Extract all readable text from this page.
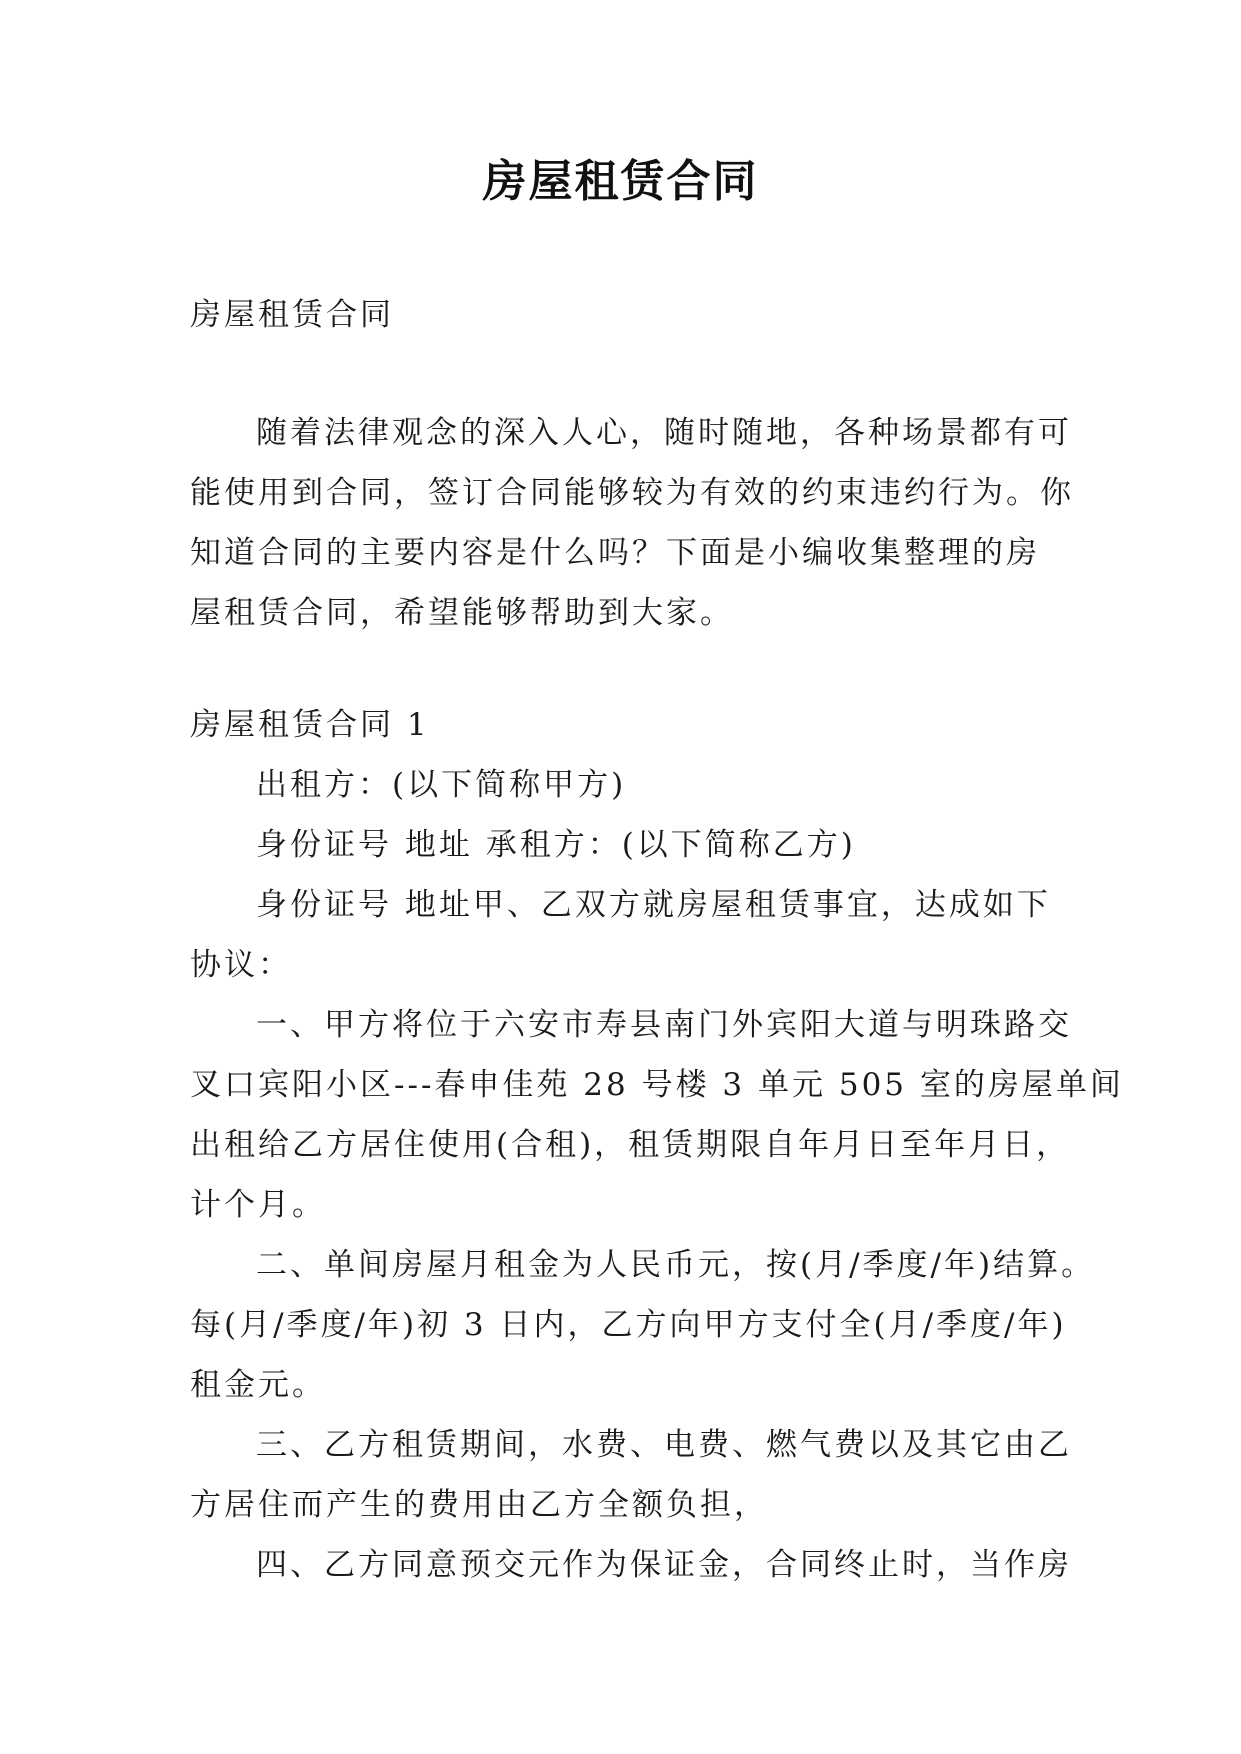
房屋租赁合同

房屋租赁合同

随着法律观念的深入人心，随时随地，各种场景都有可

能使用到合同，签订合同能够较为有效的约束违约行为。你

知道合同的主要内容是什么吗？下面是小编收集整理的房

屋租赁合同，希望能够帮助到大家。

房屋租赁合同 1

出租方：(以下简称甲方)

身份证号 地址 承租方：(以下简称乙方)

身份证号 地址甲、乙双方就房屋租赁事宜，达成如下

协议：

一、甲方将位于六安市寿县南门外宾阳大道与明珠路交

叉口宾阳小区---春申佳苑 28 号楼 3 单元 505 室的房屋单间

出租给乙方居住使用(合租)，租赁期限自年月日至年月日，

计个月。

二、单间房屋月租金为人民币元，按(月/季度/年)结算。

每(月/季度/年)初 3 日内，乙方向甲方支付全(月/季度/年)

租金元。

三、乙方租赁期间，水费、电费、燃气费以及其它由乙

方居住而产生的费用由乙方全额负担，

四、乙方同意预交元作为保证金，合同终止时，当作房
